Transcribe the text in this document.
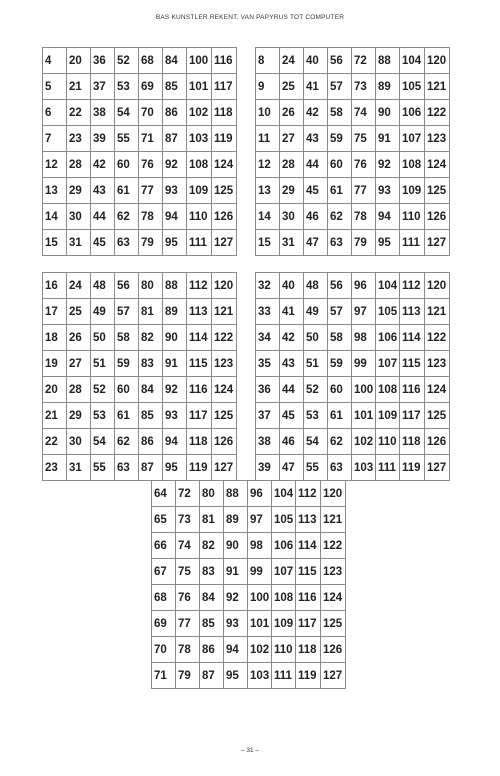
BAS KUNSTLER REKENT. VAN PAPYRUS TOT COMPUTER
4	20	36	52	68	84	100	116
5	21	37	53	69	85	101	117
6	22	38	54	70	86	102	118
7	23	39	55	71	87	103	119
12	28	42	60	76	92	108	124
13	29	43	61	77	93	109	125
14	30	44	62	78	94	110	126
15	31	45	63	79	95	111	127
8	24	40	56	72	88	104	120
9	25	41	57	73	89	105	121
10	26	42	58	74	90	106	122
11	27	43	59	75	91	107	123
12	28	44	60	76	92	108	124
13	29	45	61	77	93	109	125
14	30	46	62	78	94	110	126
15	31	47	63	79	95	111	127
16	24	48	56	80	88	112	120
17	25	49	57	81	89	113	121
18	26	50	58	82	90	114	122
19	27	51	59	83	91	115	123
20	28	52	60	84	92	116	124
21	29	53	61	85	93	117	125
22	30	54	62	86	94	118	126
23	31	55	63	87	95	119	127
32	40	48	56	96	104	112	120
33	41	49	57	97	105	113	121
34	42	50	58	98	106	114	122
35	43	51	59	99	107	115	123
36	44	52	60	100	108	116	124
37	45	53	61	101	109	117	125
38	46	54	62	102	110	118	126
39	47	55	63	103	111	119	127
64	72	80	88	96	104	112	120
65	73	81	89	97	105	113	121
66	74	82	90	98	106	114	122
67	75	83	91	99	107	115	123
68	76	84	92	100	108	116	124
69	77	85	93	101	109	117	125
70	78	86	94	102	110	118	126
71	79	87	95	103	111	119	127
– 31 –
